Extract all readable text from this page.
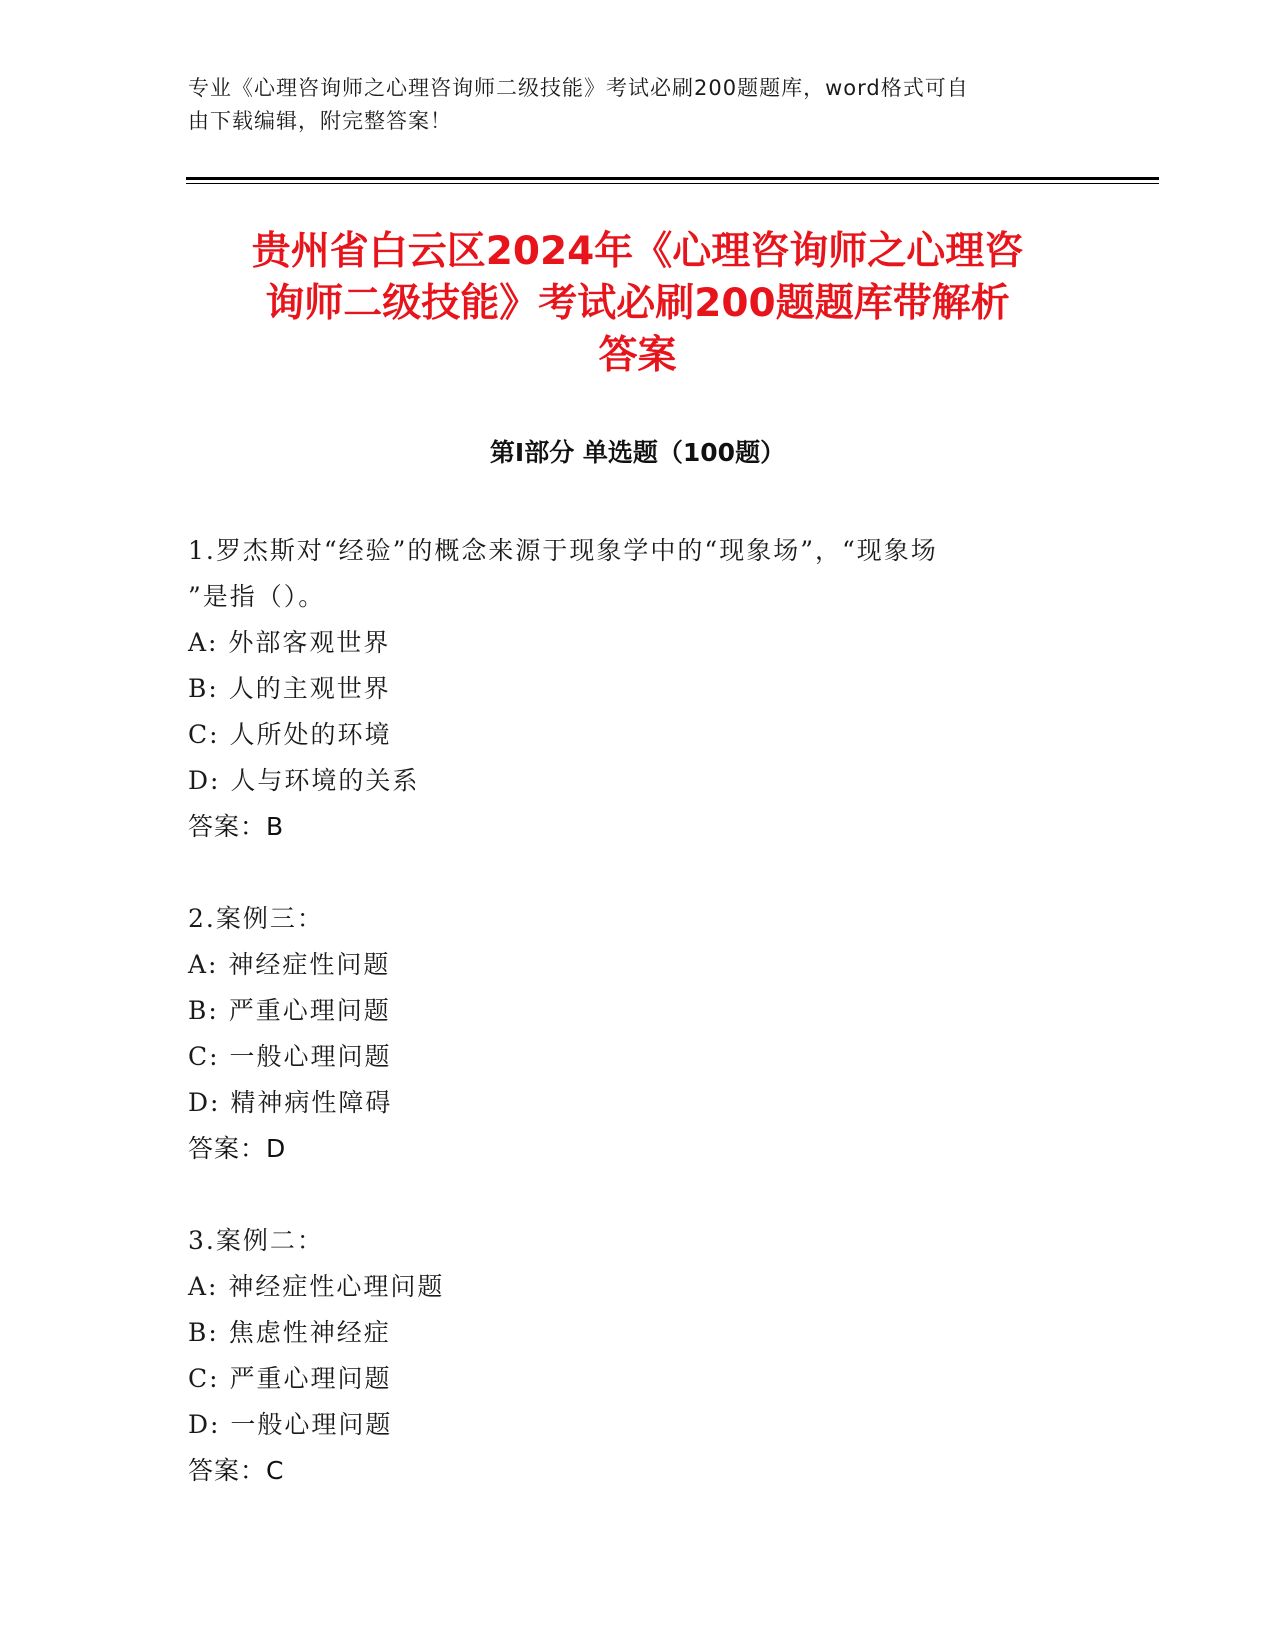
专业《心理咨询师之心理咨询师二级技能》考试必刷200题题库，word格式可自
由下载编辑，附完整答案！
贵州省白云区2024年《心理咨询师之心理咨
询师二级技能》考试必刷200题题库带解析
答案
第Ⅰ部分 单选题（100题）
1.罗杰斯对“经验”的概念来源于现象学中的“现象场”，“现象场
”是指（）。
A: 外部客观世界
B: 人的主观世界
C: 人所处的环境
D: 人与环境的关系
答案：B
2.案例三：
A: 神经症性问题
B: 严重心理问题
C: 一般心理问题
D: 精神病性障碍
答案：D
3.案例二：
A: 神经症性心理问题
B: 焦虑性神经症
C: 严重心理问题
D: 一般心理问题
答案：C
